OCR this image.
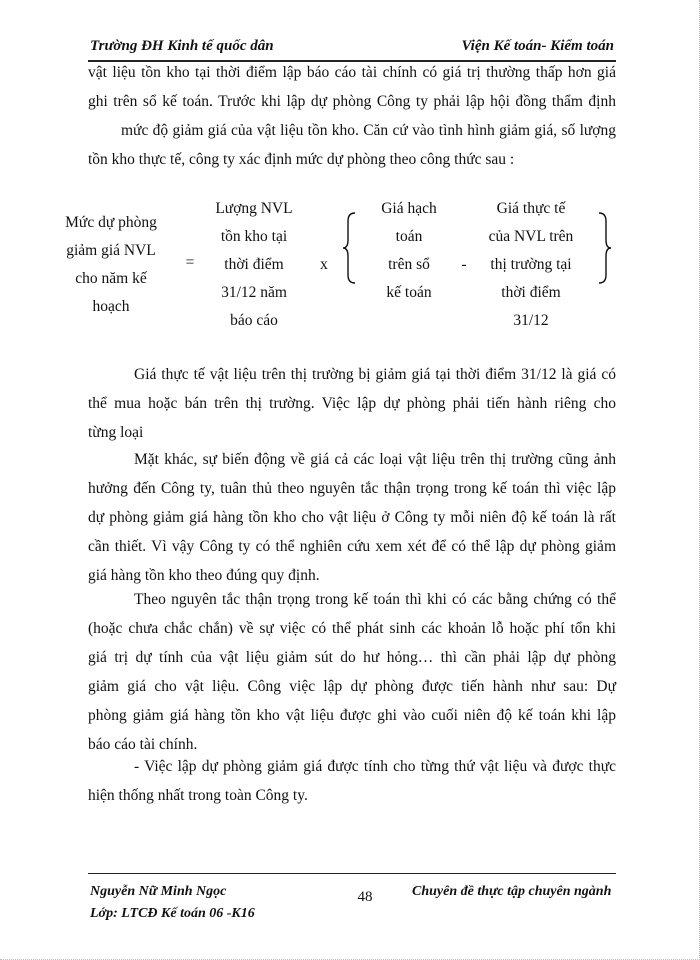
Trường ĐH Kinh tế quốc dân	Viện Kế toán- Kiểm toán
vật liệu tồn kho tại thời điểm lập báo cáo tài chính có giá trị thường thấp hơn giá
ghi trên sổ kế toán. Trước khi lập dự phòng Công ty phải lập hội đồng thẩm định
mức độ giảm giá của vật liệu tồn kho. Căn cứ vào tình hình giảm giá, số lượng
tồn kho thực tế, công ty xác định mức dự phòng theo công thức sau :
Mức dự phòng
giảm giá NVL
cho năm kế
hoạch
=
Lượng NVL
tồn kho tại
thời điểm
31/12 năm
báo cáo
x
Giá hạch
toán
trên sổ
kế toán
-
Giá thực tế
của NVL trên
thị trường tại
thời điểm
31/12
Giá thực tế vật liệu trên thị trường bị giảm giá tại thời điểm 31/12 là giá có
thể mua hoặc bán trên thị trường. Việc lập dự phòng phải tiến hành riêng cho
từng loại
Mặt khác, sự biến động về giá cả các loại vật liệu trên thị trường cũng ảnh
hưởng đến Công ty, tuân thủ theo nguyên tắc thận trọng trong kế toán thì việc lập
dự phòng giảm giá hàng tồn kho cho vật liệu ở Công ty mỗi niên độ kế toán là rất
cần thiết. Vì vậy Công ty có thể nghiên cứu xem xét để có thể lập dự phòng giảm
giá hàng tồn kho theo đúng quy định.
Theo nguyên tắc thận trọng trong kế toán thì khi có các bằng chứng có thể
(hoặc chưa chắc chắn) về sự việc có thể phát sinh các khoản lỗ hoặc phí tổn khi
giá trị dự tính của vật liệu giảm sút do hư hỏng… thì cần phải lập dự phòng
giảm giá cho vật liệu. Công việc lập dự phòng được tiến hành như sau: Dự
phòng giảm giá hàng tồn kho vật liệu được ghi vào cuối niên độ kế toán khi lập
báo cáo tài chính.
- Việc lập dự phòng giảm giá được tính cho từng thứ vật liệu và được thực
hiện thống nhất trong toàn Công ty.
Nguyễn Nữ Minh Ngọc
Lớp: LTCĐ Kế toán 06 -K16
48	Chuyên đề thực tập chuyên ngành
